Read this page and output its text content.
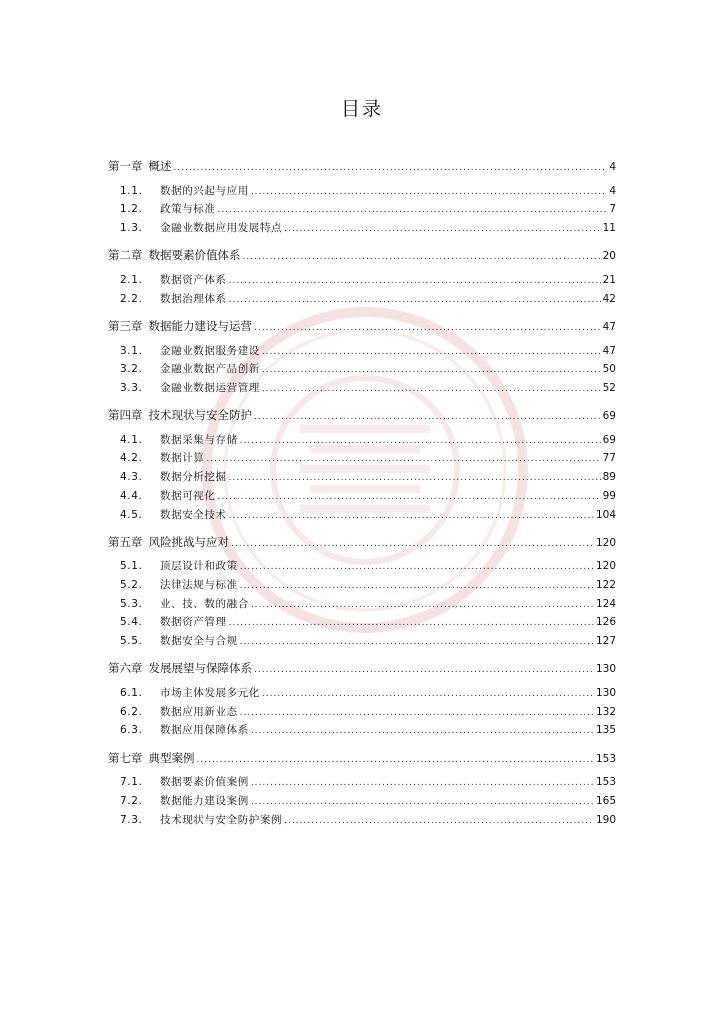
目录
第一章 概述 .....	4
1.1.	数据的兴起与应用 .....	4
1.2.	政策与标准 .....	7
1.3.	金融业数据应用发展特点 .....	11
第二章 数据要素价值体系 .....	20
2.1.	数据资产体系 .....	21
2.2.	数据治理体系 .....	42
第三章 数据能力建设与运营 .....	47
3.1.	金融业数据服务建设 .....	47
3.2.	金融业数据产品创新 .....	50
3.3.	金融业数据运营管理 .....	52
第四章 技术现状与安全防护 .....	69
4.1.	数据采集与存储 .....	69
4.2.	数据计算 .....	77
4.3.	数据分析挖掘 .....	89
4.4.	数据可视化 .....	99
4.5.	数据安全技术 .....	104
第五章 风险挑战与应对 .....	120
5.1.	顶层设计和政策 .....	120
5.2.	法律法规与标准 .....	122
5.3.	业、技、数的融合 .....	124
5.4.	数据资产管理 .....	126
5.5.	数据安全与合规 .....	127
第六章 发展展望与保障体系 .....	130
6.1.	市场主体发展多元化 .....	130
6.2.	数据应用新业态 .....	132
6.3.	数据应用保障体系 .....	135
第七章 典型案例 .....	153
7.1.	数据要素价值案例 .....	153
7.2.	数据能力建设案例 .....	165
7.3.	技术现状与安全防护案例 .....	190
